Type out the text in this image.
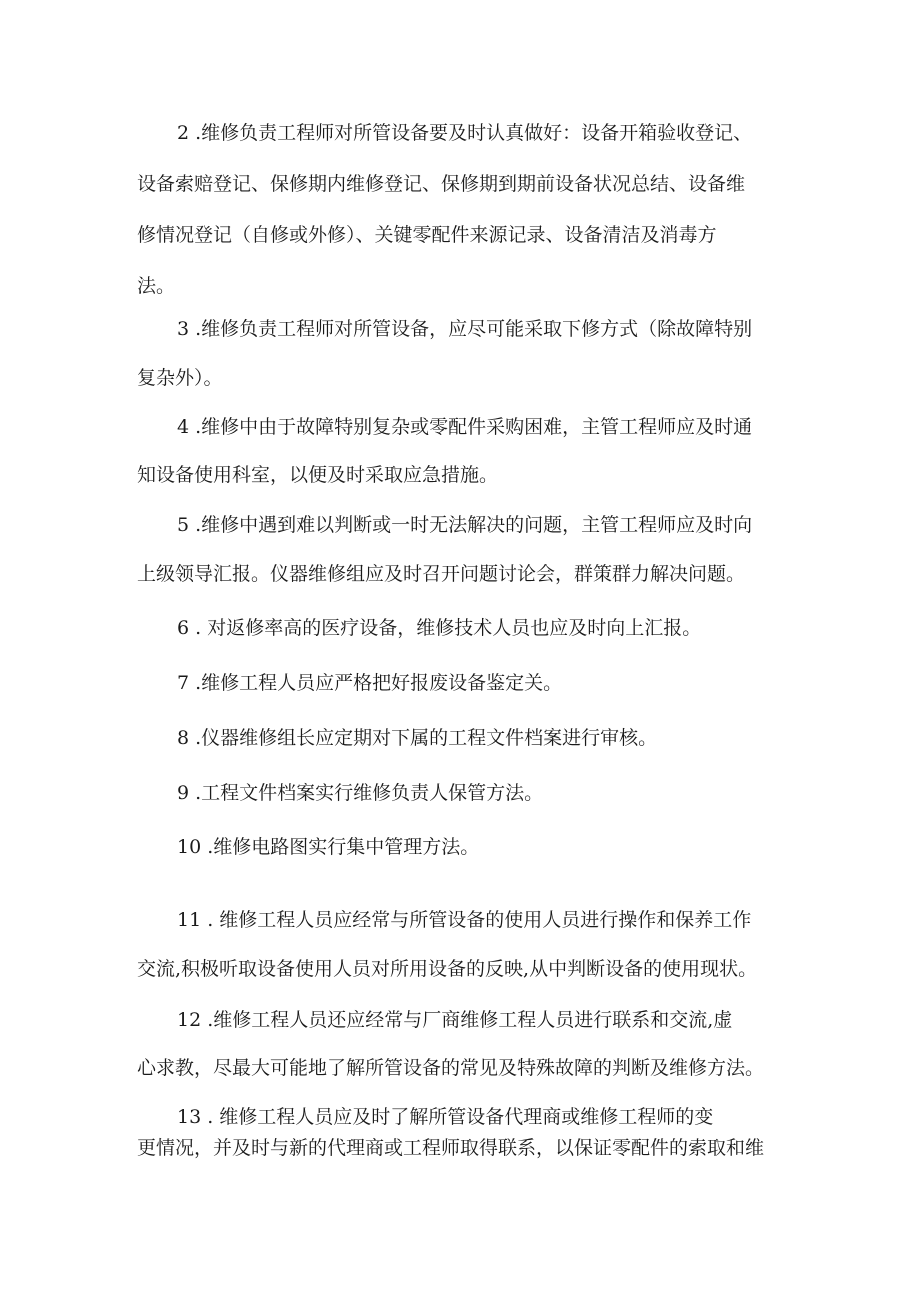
2 .维修负责工程师对所管设备要及时认真做好：设备开箱验收登记、
设备索赔登记、保修期内维修登记、保修期到期前设备状况总结、设备维
修情况登记（自修或外修）、关键零配件来源记录、设备清洁及消毒方
法。
3 .维修负责工程师对所管设备，应尽可能采取下修方式（除故障特别
复杂外）。
4 .维修中由于故障特别复杂或零配件采购困难，主管工程师应及时通
知设备使用科室，以便及时采取应急措施。
5 .维修中遇到难以判断或一时无法解决的问题，主管工程师应及时向
上级领导汇报。仪器维修组应及时召开问题讨论会，群策群力解决问题。
6 . 对返修率高的医疗设备，维修技术人员也应及时向上汇报。
7 .维修工程人员应严格把好报废设备鉴定关。
8 .仪器维修组长应定期对下属的工程文件档案进行审核。
9 .工程文件档案实行维修负责人保管方法。
10 .维修电路图实行集中管理方法。
11 . 维修工程人员应经常与所管设备的使用人员进行操作和保养工作
交流,积极听取设备使用人员对所用设备的反映,从中判断设备的使用现状。
12 .维修工程人员还应经常与厂商维修工程人员进行联系和交流,虚
心求教，尽最大可能地了解所管设备的常见及特殊故障的判断及维修方法。
13 . 维修工程人员应及时了解所管设备代理商或维修工程师的变
更情况，并及时与新的代理商或工程师取得联系，以保证零配件的索取和维
